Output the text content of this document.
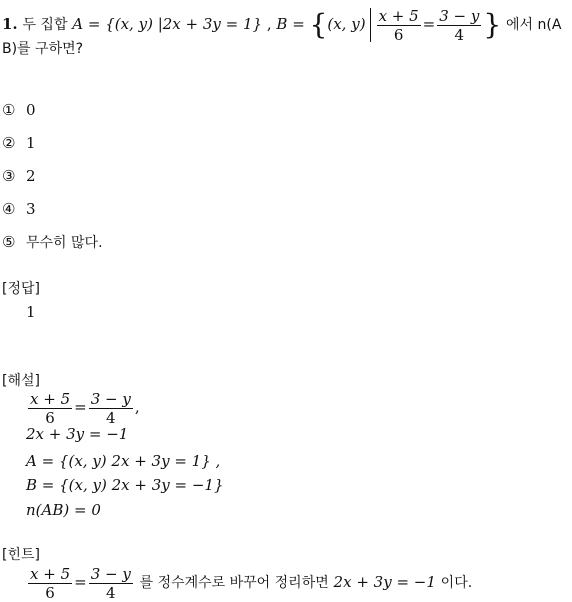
1. 두 집합 A = {(x, y) |2x + 3y = 1} , B = {(x, $y) \frac{x + 5}{6} = \frac{3 - y}{4}$ } 에서 n(A
B)를 구하면?
① 0
② 1
③ 2
④ 3
⑤ 무수히 많다.
[정답]
1
[해설]
$\frac{x + 5}{6} = \frac{3 - y}{4}$ ,
2x + 3y = −1
A = {(x, y) 2x + 3y = 1} ,
B = {(x, y) 2x + 3y = −1}
n(AB) = 0
[힌트]
$\frac{x + 5}{6} = \frac{3 - y}{4}$ 를 정수계수로 바꾸어 정리하면 2x + 3y = −1 이다.
